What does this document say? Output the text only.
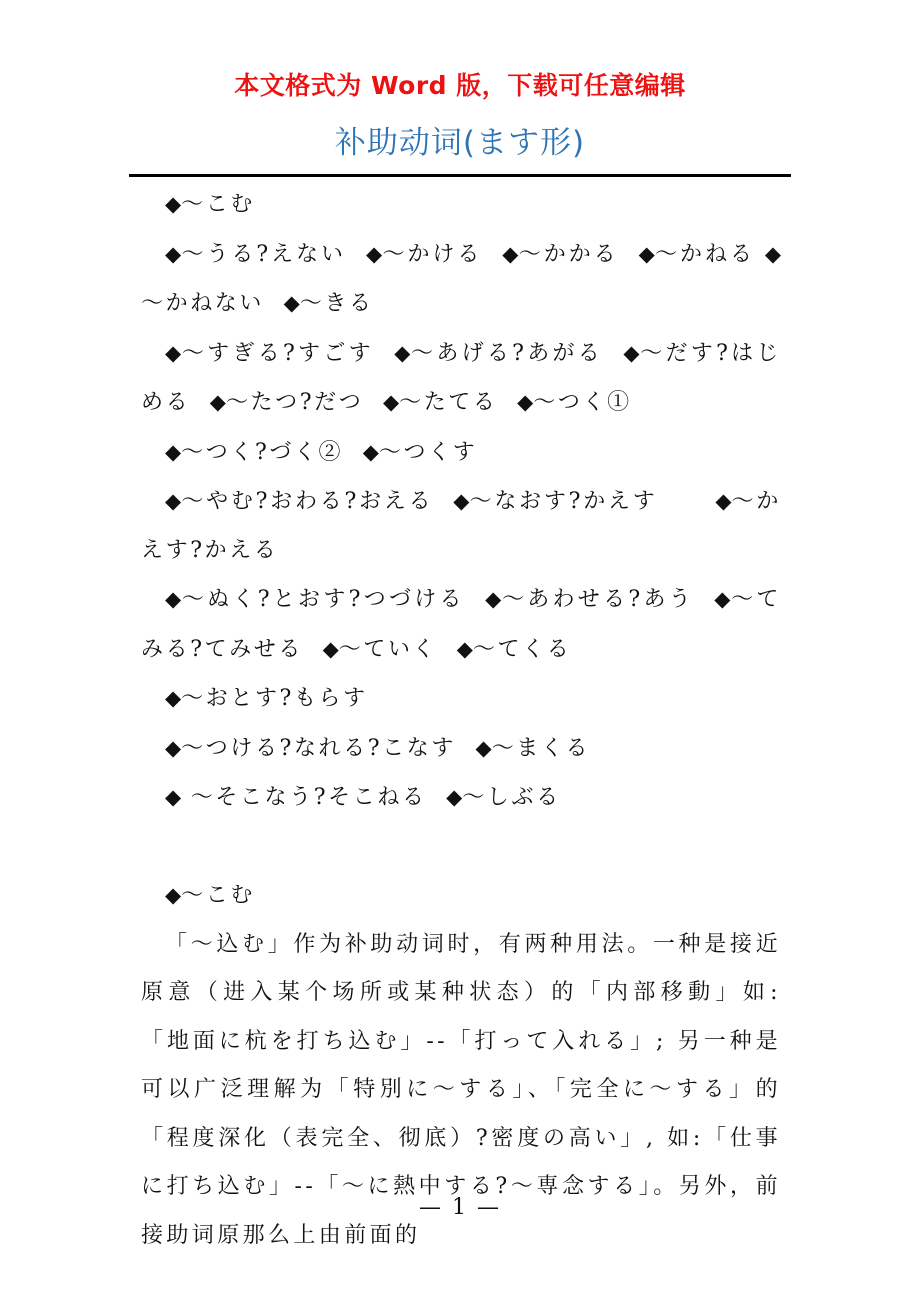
本文格式为 Word 版，下载可任意编辑
补助动词(ます形)

◆～こむ

◆～うる?えない ◆～かける ◆～かかる ◆～かねる ◆～かねない ◆～きる

◆～すぎる?すごす ◆～あげる?あがる ◆～だす?はじめる ◆～たつ?だつ ◆～たてる ◆～つく①

◆～つく?づく② ◆～つくす

◆～やむ?おわる?おえる ◆～なおす?かえす	◆～かえす?かえる

◆～ぬく?とおす?つづける ◆～あわせる?あう ◆～てみる?てみせる ◆～ていく ◆～てくる

◆～おとす?もらす

◆～つける?なれる?こなす ◆～まくる

◆ ～そこなう?そこねる ◆～しぶる

◆～こむ

「～込む」作为补助动词时，有两种用法。一种是接近原意（进入某个场所或某种状态）的「内部移動」如:「地面に杭を打ち込む」--「打って入れる」; 另一种是可以广泛理解为「特別に～する」、「完全に～する」的「程度深化（表完全、彻底）?密度の高い」, 如:「仕事に打ち込む」--「～に熱中する?～専念する」。另外，前接助词原那么上由前面的

— 1 —
